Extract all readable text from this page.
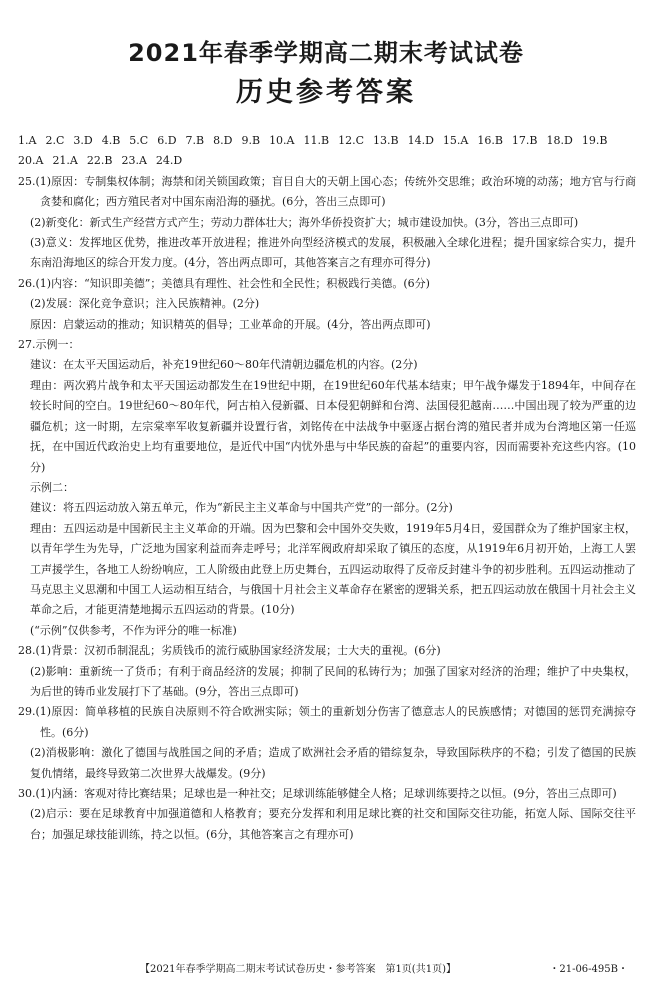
2021年春季学期高二期末考试试卷
历史参考答案

1.A 2.C 3.D 4.B 5.C 6.D 7.B 8.D 9.B 10.A 11.B 12.C 13.B 14.D 15.A 16.B 17.B 18.D 19.B
20.A 21.A 22.B 23.A 24.D

25.(1)原因：专制集权体制；海禁和闭关锁国政策；盲目自大的天朝上国心态；传统外交思维；政治环境的动荡；地方官与行商贪婪和腐化；西方殖民者对中国东南沿海的骚扰。(6分，答出三点即可)

(2)新变化：新式生产经营方式产生；劳动力群体壮大；海外华侨投资扩大；城市建设加快。(3分，答出三点即可)

(3)意义：发挥地区优势，推进改革开放进程；推进外向型经济模式的发展，积极融入全球化进程；提升国家综合实力，提升东南沿海地区的综合开发力度。(4分，答出两点即可，其他答案言之有理亦可得分)

26.(1)内容：“知识即美德”；美德具有理性、社会性和全民性；积极践行美德。(6分)

(2)发展：深化竞争意识；注入民族精神。(2分)

原因：启蒙运动的推动；知识精英的倡导；工业革命的开展。(4分，答出两点即可)

27.示例一：

建议：在太平天国运动后，补充19世纪60～80年代清朝边疆危机的内容。(2分)

理由：两次鸦片战争和太平天国运动都发生在19世纪中期，在19世纪60年代基本结束；甲午战争爆发于1894年，中间存在较长时间的空白。19世纪60～80年代，阿古柏入侵新疆、日本侵犯朝鲜和台湾、法国侵犯越南……中国出现了较为严重的边疆危机；这一时期，左宗棠率军收复新疆并设置行省，刘铭传在中法战争中驱逐占据台湾的殖民者并成为台湾地区第一任巡抚，在中国近代政治史上均有重要地位，是近代中国“内忧外患与中华民族的奋起”的重要内容，因而需要补充这些内容。(10分)

示例二：

建议：将五四运动放入第五单元，作为“新民主主义革命与中国共产党”的一部分。(2分)

理由：五四运动是中国新民主主义革命的开端。因为巴黎和会中国外交失败，1919年5月4日，爱国群众为了维护国家主权，以青年学生为先导，广泛地为国家利益而奔走呼号；北洋军阀政府却采取了镇压的态度，从1919年6月初开始，上海工人罢工声援学生，各地工人纷纷响应，工人阶级由此登上历史舞台，五四运动取得了反帝反封建斗争的初步胜利。五四运动推动了马克思主义思潮和中国工人运动相互结合，与俄国十月社会主义革命存在紧密的逻辑关系，把五四运动放在俄国十月社会主义革命之后，才能更清楚地揭示五四运动的背景。(10分)

(“示例”仅供参考，不作为评分的唯一标准)

28.(1)背景：汉初币制混乱；劣质钱币的流行威胁国家经济发展；士大夫的重视。(6分)

(2)影响：重新统一了货币；有利于商品经济的发展；抑制了民间的私铸行为；加强了国家对经济的治理；维护了中央集权，为后世的铸币业发展打下了基础。(9分，答出三点即可)

29.(1)原因：简单移植的民族自决原则不符合欧洲实际；领土的重新划分伤害了德意志人的民族感情；对德国的惩罚充满掠夺性。(6分)

(2)消极影响：激化了德国与战胜国之间的矛盾；造成了欧洲社会矛盾的错综复杂，导致国际秩序的不稳；引发了德国的民族复仇情绪，最终导致第二次世界大战爆发。(9分)

30.(1)内涵：客观对待比赛结果；足球也是一种社交；足球训练能够健全人格；足球训练要持之以恒。(9分，答出三点即可)

(2)启示：要在足球教育中加强道德和人格教育；要充分发挥和利用足球比赛的社交和国际交往功能，拓宽人际、国际交往平台；加强足球技能训练，持之以恒。(6分，其他答案言之有理亦可)

【2021年春季学期高二期末考试试卷历史・参考答案　第1页(共1页)】	・21-06-495B・
